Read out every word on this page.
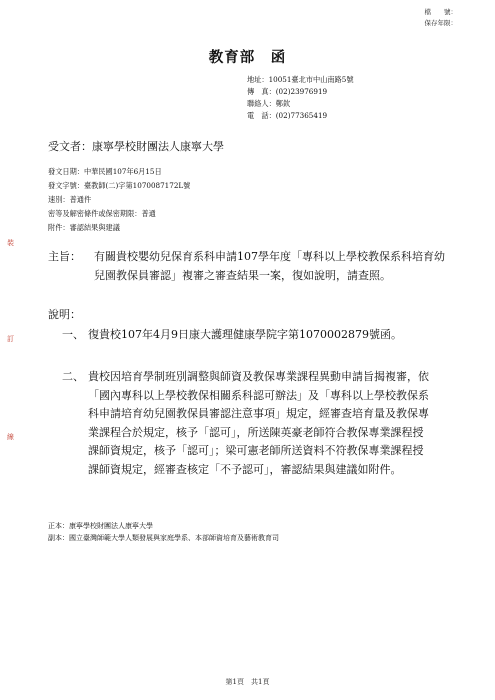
檔　　號：
保存年限：
教育部　函
地址：10051臺北市中山南路5號
傳　真：(02)23976919
聯絡人：鄭欽
電　話：(02)77365419
受文者：康寧學校財團法人康寧大學
發文日期：中華民國107年6月15日
發文字號：臺教師(二)字第1070087172L號
速別：普通件
密等及解密條件或保密期限：普通
附件：審認結果與建議
裝
訂
線
主旨： 有關貴校嬰幼兒保育系科申請107學年度「專科以上學校教保系科培育幼兒園教保員審認」複審之審查結果一案，復如說明，請查照。
說明：
一、 復貴校107年4月9日康大護理健康學院字第1070002879號函。
二、 貴校因培育學制班別調整與師資及教保專業課程異動申請旨揭複審，依「國內專科以上學校教保相關系科認可辦法」及「專科以上學校教保系科申請培育幼兒園教保員審認注意事項」規定，經審查培育量及教保專業課程合於規定，核予「認可」，所送陳英豪老師符合教保專業課程授課師資規定，核予「認可」；梁可憲老師所送資料不符教保專業課程授課師資規定，經審查核定「不予認可」，審認結果與建議如附件。
正本：康寧學校財團法人康寧大學
副本：國立臺灣師範大學人類發展與家庭學系、本部師資培育及藝術教育司
第1頁　共1頁
